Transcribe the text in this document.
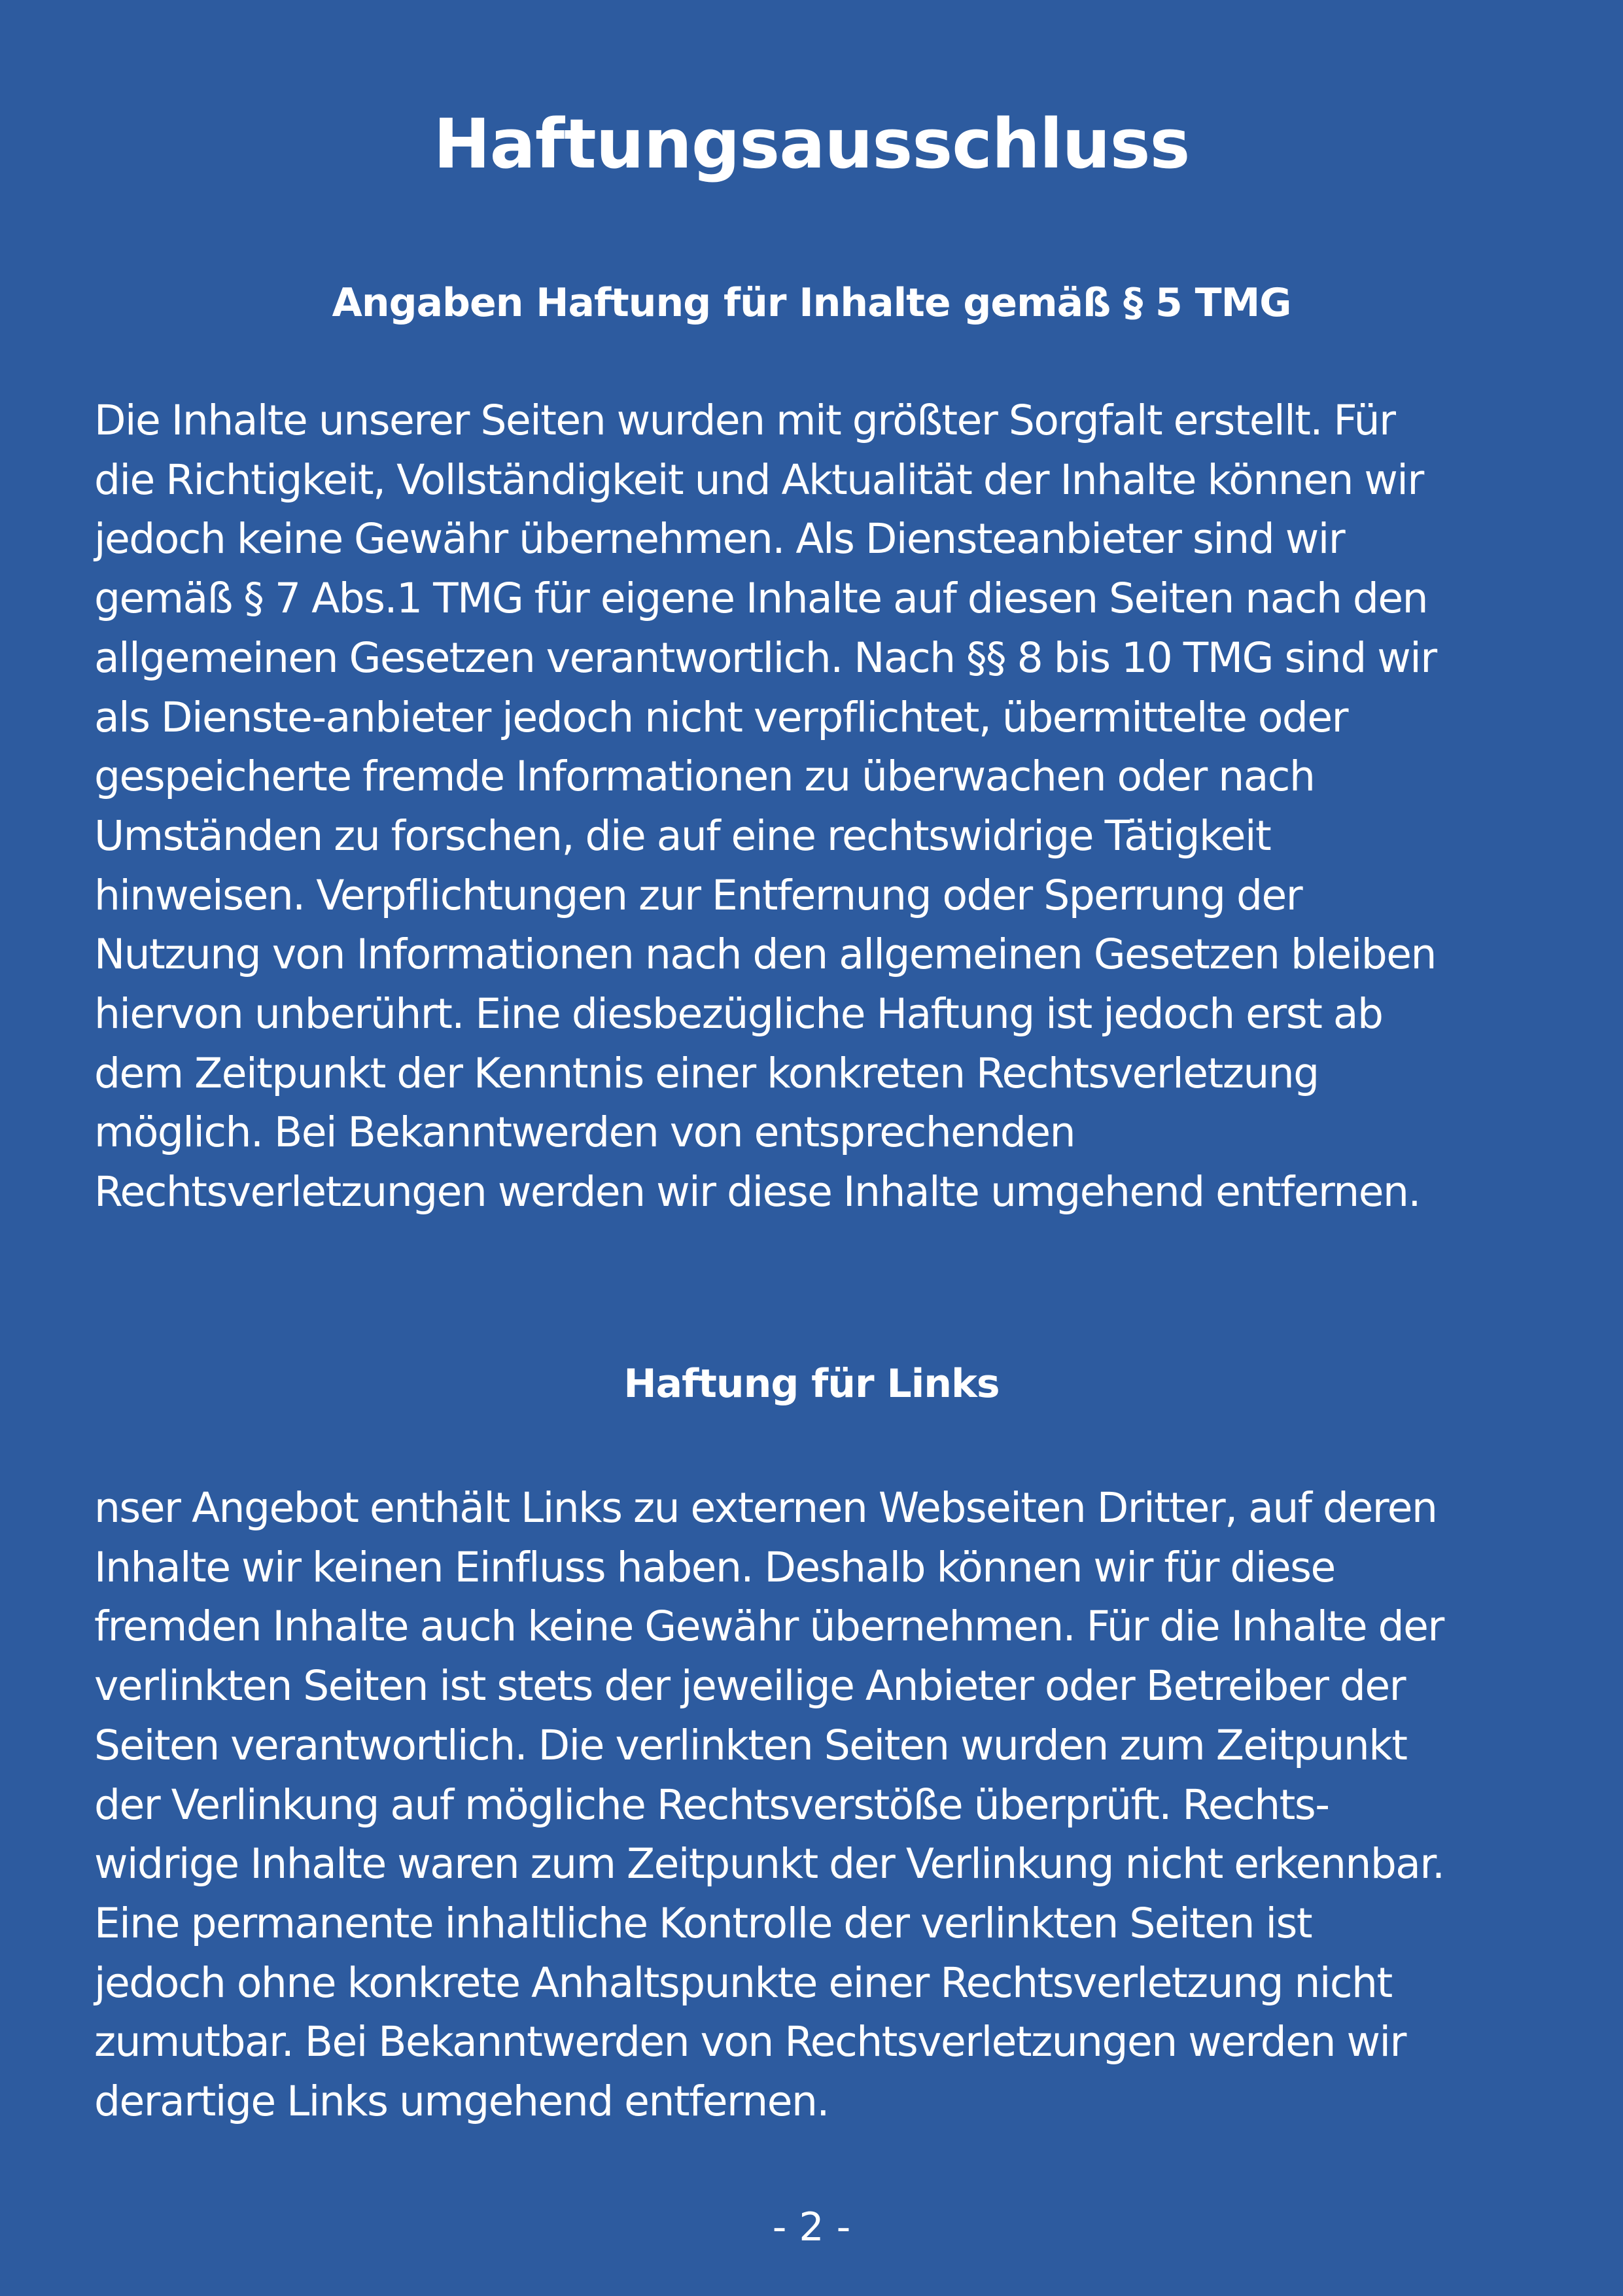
Haftungsausschluss
Angaben Haftung für Inhalte gemäß § 5 TMG
Die Inhalte unserer Seiten wurden mit größter Sorgfalt erstellt. Für
die Richtigkeit, Vollständigkeit und Aktualität der Inhalte können wir
jedoch keine Gewähr übernehmen. Als Diensteanbieter sind wir
gemäß § 7 Abs.1 TMG für eigene Inhalte auf diesen Seiten nach den
allgemeinen Gesetzen verantwortlich. Nach §§ 8 bis 10 TMG sind wir
als Dienste-anbieter jedoch nicht verpflichtet, übermittelte oder
gespeicherte fremde Informationen zu überwachen oder nach
Umständen zu forschen, die auf eine rechtswidrige Tätigkeit
hinweisen. Verpflichtungen zur Entfernung oder Sperrung der
Nutzung von Informationen nach den allgemeinen Gesetzen bleiben
hiervon unberührt. Eine diesbezügliche Haftung ist jedoch erst ab
dem Zeitpunkt der Kenntnis einer konkreten Rechtsverletzung
möglich. Bei Bekanntwerden von entsprechenden
Rechtsverletzungen werden wir diese Inhalte umgehend entfernen.
Haftung für Links
nser Angebot enthält Links zu externen Webseiten Dritter, auf deren
Inhalte wir keinen Einfluss haben. Deshalb können wir für diese
fremden Inhalte auch keine Gewähr übernehmen. Für die Inhalte der
verlinkten Seiten ist stets der jeweilige Anbieter oder Betreiber der
Seiten verantwortlich. Die verlinkten Seiten wurden zum Zeitpunkt
der Verlinkung auf mögliche Rechtsverstöße überprüft. Rechts-
widrige Inhalte waren zum Zeitpunkt der Verlinkung nicht erkennbar.
Eine permanente inhaltliche Kontrolle der verlinkten Seiten ist
jedoch ohne konkrete Anhaltspunkte einer Rechtsverletzung nicht
zumutbar. Bei Bekanntwerden von Rechtsverletzungen werden wir
derartige Links umgehend entfernen.
- 2 -
